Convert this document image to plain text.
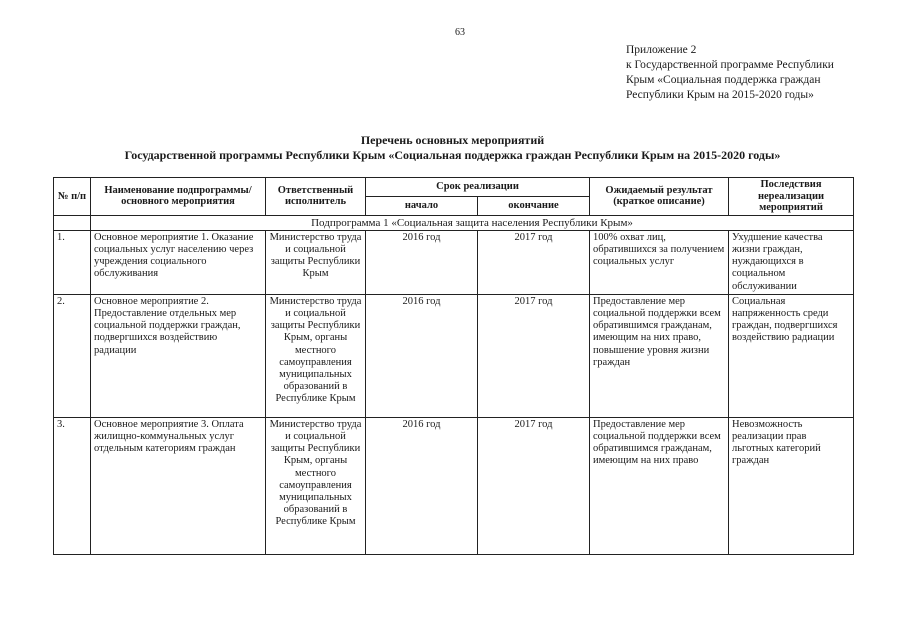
63
Приложение 2
к Государственной программе Республики
Крым «Социальная поддержка граждан
Республики Крым на 2015-2020 годы»
Перечень основных мероприятий
Государственной программы Республики Крым «Социальная поддержка граждан Республики Крым на 2015-2020 годы»
№ п/п	Наименование подпрограммы/ основного мероприятия	Ответственный исполнитель	Срок реализации		Ожидаемый результат (краткое описание)	Последствия нереализации мероприятий
			начало	окончание		
	Подпрограмма 1 «Социальная защита населения Республики Крым»					
1.	Основное мероприятие 1. Оказание социальных услуг населению через учреждения социального обслуживания	Министерство труда и социальной защиты Республики Крым	2016 год	2017 год	100% охват лиц, обратившихся за получением социальных услуг	Ухудшение качества жизни граждан, нуждающихся в социальном обслуживании
2.	Основное мероприятие 2. Предоставление отдельных мер социальной поддержки граждан, подвергшихся воздействию радиации	Министерство труда и социальной защиты Республики Крым, органы местного самоуправления муниципальных образований в Республике Крым	2016 год	2017 год	Предоставление мер социальной поддержки всем обратившимся гражданам, имеющим на них право, повышение уровня жизни граждан	Социальная напряженность среди граждан, подвергшихся воздействию радиации
3.	Основное мероприятие 3. Оплата жилищно-коммунальных услуг отдельным категориям граждан	Министерство труда и социальной защиты Республики Крым, органы местного самоуправления муниципальных образований в Республике Крым	2016 год	2017 год	Предоставление мер социальной поддержки всем обратившимся гражданам, имеющим на них право	Невозможность реализации прав льготных категорий граждан
